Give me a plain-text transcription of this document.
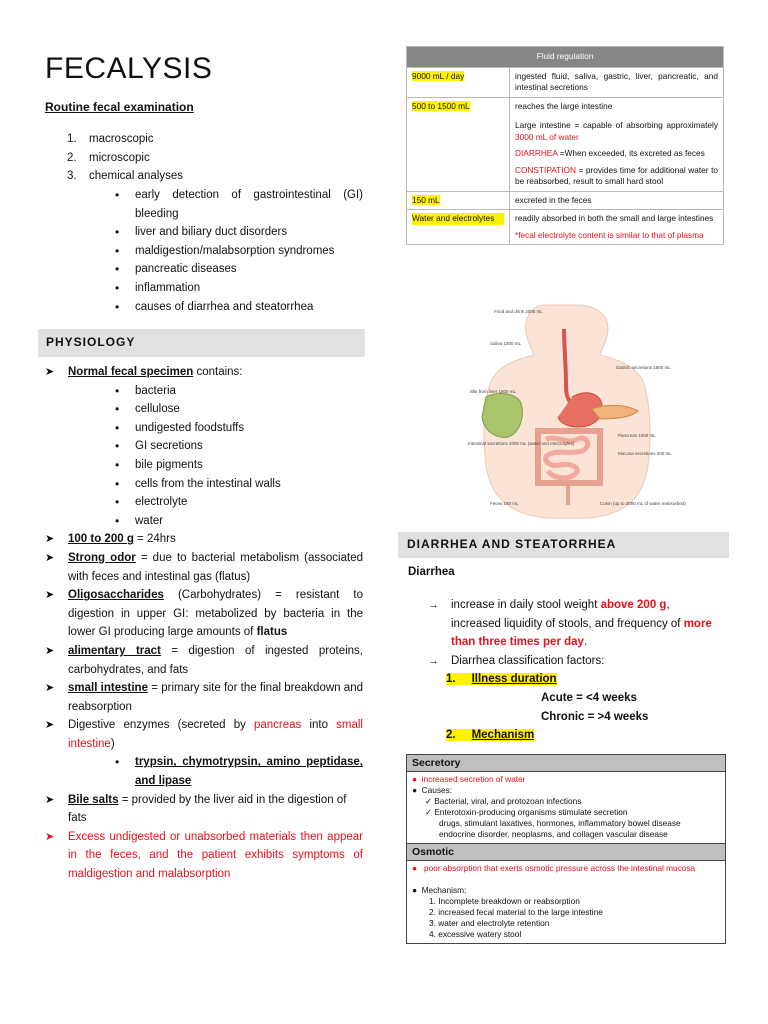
FECALYSIS
Routine fecal examination
1.	macroscopic
2.	microscopic
3.	chemical analyses
•	early detection of gastrointestinal (GI) bleeding
•	liver and biliary duct disorders
•	maldigestion/malabsorption syndromes
•	pancreatic diseases
•	inflammation
•	causes of diarrhea and steatorrhea
PHYSIOLOGY
➤	Normal fecal specimen contains:
•	bacteria
•	cellulose
•	undigested foodstuffs
•	GI secretions
•	bile pigments
•	cells from the intestinal walls
•	electrolyte
•	water
➤	100 to 200 g = 24hrs
➤	Strong odor = due to bacterial metabolism (associated with feces and intestinal gas (flatus)
➤	Oligosaccharides (Carbohydrates) = resistant to digestion in upper GI: metabolized by bacteria in the lower GI producing large amounts of flatus
➤	alimentary tract = digestion of ingested proteins, carbohydrates, and fats
➤	small intestine = primary site for the final breakdown and reabsorption
➤	Digestive enzymes (secreted by pancreas into small intestine)
•	trypsin, chymotrypsin, amino peptidase, and lipase
➤	Bile salts = provided by the liver aid in the digestion of fats
➤	Excess undigested or unabsorbed materials then appear in the feces, and the patient exhibits symptoms of maldigestion and malabsorption
Fluid regulation	
9000 mL / day	ingested fluid, saliva, gastric, liver, pancreatic, and intestinal secretions
500 to 1500 mL	reaches the large intestine
Large intestine = capable of absorbing approximately 3000 mL of water
DIARRHEA =When exceeded, its excreted as feces
CONSTIPATION = provides time for additional water to be reabsorbed, result to small hard stool

150 mL	excreted in the feces

Water and electrolytes	readily absorbed in both the small and large intestines
*fecal electrolyte content is similar to that of plasma
Food and drink 2000 mL
Saliva 1500 mL
Bile from liver 1500 mL
Intestinal secretions 2000 mL (water and electrolytes)
Feces 150 mL
Gastric secretions 1500 mL
Pancreas 1000 mL
Mucosa secretions 200 mL
Colon (up to 3000 mL of water reabsorbed)
DIARRHEA AND STEATORRHEA
Diarrhea
→	increase in daily stool weight above 200 g, increased liquidity of stools, and frequency of more than three times per day.
→	Diarrhea classification factors:
1. Illness duration
Acute = <4 weeks
Chronic = >4 weeks
2. Mechanism
Secretory
●  increased secretion of water
●  Causes:
✓ Bacterial, viral, and protozoan infections
✓ Enterotoxin-producing organisms stimulate secretion
drugs, stimulant laxatives, hormones, inflammatory bowel disease
endocrine disorder, neoplasms, and collagen vascular disease
Osmotic
● poor absorption that exerts osmotic pressure across the intestinal mucosa
●  Mechanism:
1. Incomplete breakdown or reabsorption
2. increased fecal material to the large intestine
3. water and electrolyte retention
4. excessive watery stool
